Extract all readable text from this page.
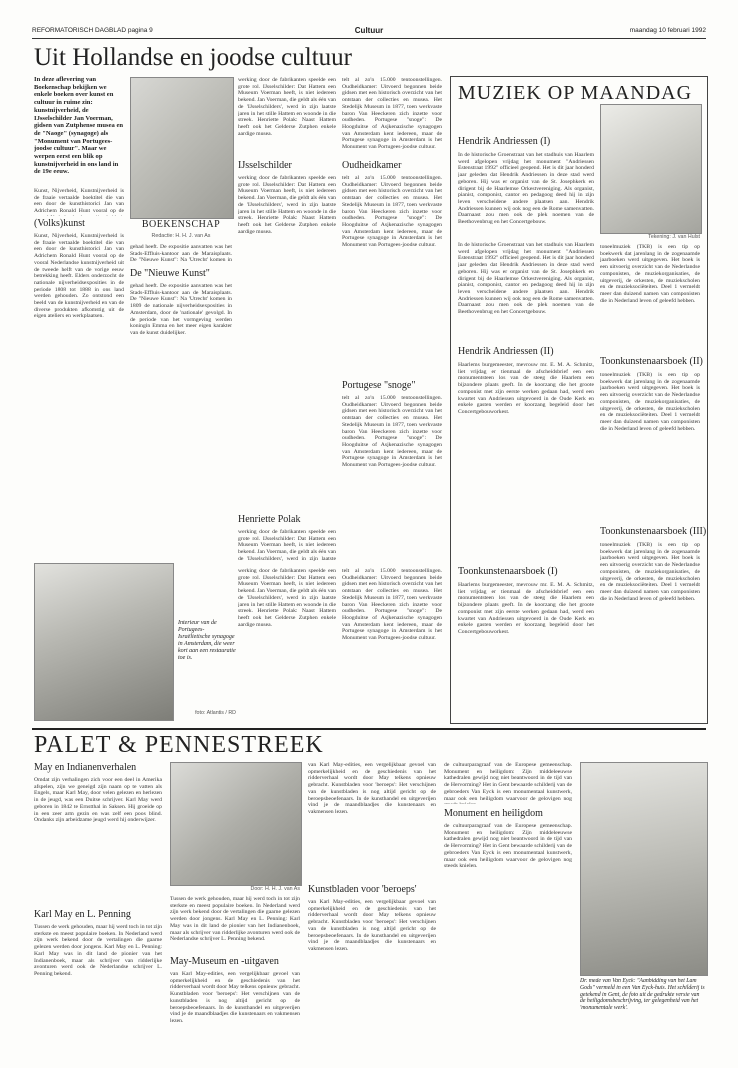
REFORMATORISCH DAGBLAD pagina 9	Cultuur	maandag 10 februari 1992
Uit Hollandse en joodse cultuur
In deze aflevering van Boekenschap bekijken we enkele boeken over kunst en cultuur in ruime zin: kunstnijverheid, de IJsselschilder Jan Voerman, gidsen van Zutphense musea en de "Naoge" (synagoge) als "Monument van Portugees-joodse cultuur". Maar we werpen eerst een blik op kunstnijverheid in ons land in de 19e eeuw.
(Volks)kunst
Kunst, Nijverheid, Kunstnijverheid is de fraaie vertaalde boektitel die van een door de kunsthistorici Jan van Adrichem Ronald Hunt vooral op de
Kunst, Nijverheid, Kunstnijverheid is de fraaie vertaalde boektitel die van een door de kunsthistorici Jan van Adrichem Ronald Hunt vooral op de vooral Nederlandse kunstnijverheid uit de tweede helft van de vorige eeuw betrekking heeft. Elders onderzocht de nationale nijverheidsexposities in de periode 1808 tot 1888 in ons land werden gehouden. Zo ontstond een beeld van de kunstnijverheid en van de diverse produkten afkomstig uit de eigen ateliers en werkplaatsen.
BOEKENSCHAP
Redactie: H. H. J. van As
gehad heeft. De expositie aanvatten was het Stads-Effluis-kantoor aan de Maraisplaats. De "Nieuwe Kunst": Na 'Utrecht' komen in
De "Nieuwe Kunst"
gehad heeft. De expositie aanvatten was het Stads-Effluis-kantoor aan de Maraisplaats. De "Nieuwe Kunst": Na 'Utrecht' komen in 1809 de nationale nijverheidsexposities in Amsterdam, door de 'nationale' gevolgd. In de periode van het vormgeving werden koningin Emma en het meer eigen karakter van de kunst duidelijker.
werking door de fabrikanten speelde een grote rol. IJsselschilder: Dat Hattem een Museum Voerman heeft, is niet iedereen bekend. Jan Voerman, die geldt als één van de 'IJsselschilders', werd in zijn laatste jaren in het stille Hattem en woonde in die streek. Henriette Polak: Naast Hattem heeft ook het Gelderse Zutphen enkele aardige musea.
IJsselschilder
werking door de fabrikanten speelde een grote rol. IJsselschilder: Dat Hattem een Museum Voerman heeft, is niet iedereen bekend. Jan Voerman, die geldt als één van de 'IJsselschilders', werd in zijn laatste jaren in het stille Hattem en woonde in die streek. Henriette Polak: Naast Hattem heeft ook het Gelderse Zutphen enkele aardige musea.
Henriette Polak
werking door de fabrikanten speelde een grote rol. IJsselschilder: Dat Hattem een Museum Voerman heeft, is niet iedereen bekend. Jan Voerman, die geldt als één van de 'IJsselschilders', werd in zijn laatste
telt al zo'n 15.000 tentoonstellingen. Oudheidkamer: Uitvoerd begonnen beide gidsen met een historisch overzicht van het ontstaan der collecties en musea. Het Stedelijk Museum in 1877, toen werkvaste baron Van Heeckeren zich inzette voor oudheden. Portugese "snoge": De Hoogduitse of Asjkenazische synagogen van Amsterdam kent iedereen, maar de Portugese synagoge in Amsterdam is het Monument van Portugees-joodse cultuur.
Oudheidkamer
telt al zo'n 15.000 tentoonstellingen. Oudheidkamer: Uitvoerd begonnen beide gidsen met een historisch overzicht van het ontstaan der collecties en musea. Het Stedelijk Museum in 1877, toen werkvaste baron Van Heeckeren zich inzette voor oudheden. Portugese "snoge": De Hoogduitse of Asjkenazische synagogen van Amsterdam kent iedereen, maar de Portugese synagoge in Amsterdam is het Monument van Portugees-joodse cultuur.
Portugese "snoge"
telt al zo'n 15.000 tentoonstellingen. Oudheidkamer: Uitvoerd begonnen beide gidsen met een historisch overzicht van het ontstaan der collecties en musea. Het Stedelijk Museum in 1877, toen werkvaste baron Van Heeckeren zich inzette voor oudheden. Portugese "snoge": De Hoogduitse of Asjkenazische synagogen van Amsterdam kent iedereen, maar de Portugese synagoge in Amsterdam is het Monument van Portugees-joodse cultuur.
Interieur van de Portugees-Israëlietische synagoge in Amsterdam, die weer kort aan een restauratie toe is.
foto: Atlantis / RD
werking door de fabrikanten speelde een grote rol. IJsselschilder: Dat Hattem een Museum Voerman heeft, is niet iedereen bekend. Jan Voerman, die geldt als één van de 'IJsselschilders', werd in zijn laatste jaren in het stille Hattem en woonde in die streek. Henriette Polak: Naast Hattem heeft ook het Gelderse Zutphen enkele aardige musea.
telt al zo'n 15.000 tentoonstellingen. Oudheidkamer: Uitvoerd begonnen beide gidsen met een historisch overzicht van het ontstaan der collecties en musea. Het Stedelijk Museum in 1877, toen werkvaste baron Van Heeckeren zich inzette voor oudheden. Portugese "snoge": De Hoogduitse of Asjkenazische synagogen van Amsterdam kent iedereen, maar de Portugese synagoge in Amsterdam is het Monument van Portugees-joodse cultuur.
MUZIEK OP MAANDAG
Tekening: J. van Hulst
Hendrik Andriessen (I)
In de historische Groenstraat van het stadhuis van Haarlem werd afgelopen vrijdag het monument "Andriessen Estenstraat 1992" officieel geopend. Het is dit jaar honderd jaar geleden dat Hendrik Andriessen in deze stad werd geboren. Hij was er organist van de St. Josephkerk en dirigent bij de Haarlemse Orkestvereniging. Als organist, pianist, componist, cantor en pedagoog deed hij in zijn leven verscheidene andere plaatsen aan. Hendrik Andriessen kunnen wij ook nog een de Rome samenvatten. Daarnaast zou men ook de plek noemen van de Beethovenbrug en het Concertgebouw.
In de historische Groenstraat van het stadhuis van Haarlem werd afgelopen vrijdag het monument "Andriessen Estenstraat 1992" officieel geopend. Het is dit jaar honderd jaar geleden dat Hendrik Andriessen in deze stad werd geboren. Hij was er organist van de St. Josephkerk en dirigent bij de Haarlemse Orkestvereniging. Als organist, pianist, componist, cantor en pedagoog deed hij in zijn leven verscheidene andere plaatsen aan. Hendrik Andriessen kunnen wij ook nog een de Rome samenvatten. Daarnaast zou men ook de plek noemen van de Beethovenbrug en het Concertgebouw.
Hendrik Andriessen (II)
Haarlems burgemeester, mevrouw mr. E. M. A. Schmitz, liet vrijdag er tienmaal de afscheidsbrief een een monumentsteen los van de steeg die Haarlem een bijzondere plaats geeft. In de koorzang die het groote componist met zijn eerste werken gedaan had, werd een kwartet van Andriessen uitgevoerd in de Oude Kerk en enkele gasten werden er koorzang begeleid door het Concertgebouworkest.
Toonkunstenaarsboek (I)
Haarlems burgemeester, mevrouw mr. E. M. A. Schmitz, liet vrijdag er tienmaal de afscheidsbrief een een monumentsteen los van de steeg die Haarlem een bijzondere plaats geeft. In de koorzang die het groote componist met zijn eerste werken gedaan had, werd een kwartet van Andriessen uitgevoerd in de Oude Kerk en enkele gasten werden er koorzang begeleid door het Concertgebouworkest.
toneelmuziek (TKB) is een tip op boekwerk dat jarenlang in de zogenaamde jaarboeken werd uitgegeven. Het boek is een uitvoerig overzicht van de Nederlandse componisten, de muziekorganisaties, de uitgeverij, de orkesten, de muziekscholen en de muzieksociëteiten. Deel 1 vermeldt meer dan duizend namen van componisten die in Nederland leven of geleefd hebben.
Toonkunstenaarsboek (II)
toneelmuziek (TKB) is een tip op boekwerk dat jarenlang in de zogenaamde jaarboeken werd uitgegeven. Het boek is een uitvoerig overzicht van de Nederlandse componisten, de muziekorganisaties, de uitgeverij, de orkesten, de muziekscholen en de muzieksociëteiten. Deel 1 vermeldt meer dan duizend namen van componisten die in Nederland leven of geleefd hebben.
Toonkunstenaarsboek (III)
toneelmuziek (TKB) is een tip op boekwerk dat jarenlang in de zogenaamde jaarboeken werd uitgegeven. Het boek is een uitvoerig overzicht van de Nederlandse componisten, de muziekorganisaties, de uitgeverij, de orkesten, de muziekscholen en de muzieksociëteiten. Deel 1 vermeldt meer dan duizend namen van componisten die in Nederland leven of geleefd hebben.
PALET & PENNESTREEK
May en Indianenverhalen
Omdat zijn verhalingen zich voor een deel in Amerika afspelen, zijn we geneigd zijn naam op te vatten als Engels, maar Karl May, door velen gelezen en herlezen in de jeugd, was een Duitse schrijver. Karl May werd geboren in 1842 te Ernstthal in Saksen. Hij groeide op in een zeer arm gezin en was zelf een poos blind. Ondanks zijn arbeidzame jeugd werd hij onderwijzer.
Karl May en L. Penning
Tussen de werk gehouden, maar hij werd toch in tot zijn sterkste en meest populaire boeken. In Nederland werd zijn werk bekend door de vertalingen die gaarne gelezen werden door jongens. Karl May en L. Penning: Karl May was in dit land de pionier van het Indianenboek, maar als schrijver van ridderlijke avonturen werd ook de Nederlandse schrijver L. Penning bekend.
Door: H. H. J. van As
Tussen de werk gehouden, maar hij werd toch in tot zijn sterkste en meest populaire boeken. In Nederland werd zijn werk bekend door de vertalingen die gaarne gelezen werden door jongens. Karl May en L. Penning: Karl May was in dit land de pionier van het Indianenboek, maar als schrijver van ridderlijke avonturen werd ook de Nederlandse schrijver L. Penning bekend.
May-Museum en -uitgaven
van Karl May-edities, een vergelijkbaar gevoel van opmerkelijkheid en de geschiedenis van het ridderverhaal wordt door May telkens opnieuw gebracht. Kunstbladen voor 'beroeps': Het verschijnen van de kunstbladen is nog altijd gericht op de beroepsbeoefenaars. In de kunsthandel en uitgeverijen vind je de maandblaadjes die kunstenaars en vakmensen lezen.
van Karl May-edities, een vergelijkbaar gevoel van opmerkelijkheid en de geschiedenis van het ridderverhaal wordt door May telkens opnieuw gebracht. Kunstbladen voor 'beroeps': Het verschijnen van de kunstbladen is nog altijd gericht op de beroepsbeoefenaars. In de kunsthandel en uitgeverijen vind je de maandblaadjes die kunstenaars en vakmensen lezen.
Kunstbladen voor 'beroeps'
van Karl May-edities, een vergelijkbaar gevoel van opmerkelijkheid en de geschiedenis van het ridderverhaal wordt door May telkens opnieuw gebracht. Kunstbladen voor 'beroeps': Het verschijnen van de kunstbladen is nog altijd gericht op de beroepsbeoefenaars. In de kunsthandel en uitgeverijen vind je de maandblaadjes die kunstenaars en vakmensen lezen.
de cultuurparagraaf van de Europese gemeenschap. Monument en heiligdom: Zijn middeleeuwse kathedralen gewijd nog niet beantwoord in de tijd van de Hervorming? Het in Gent bewaarde schilderij van de gebroeders Van Eyck is een monumentaal kunstwerk, maar ook een heiligdom waarvoor de gelovigen nog
Monument en heiligdom
de cultuurparagraaf van de Europese gemeenschap. Monument en heiligdom: Zijn middeleeuwse kathedralen gewijd nog niet beantwoord in de tijd van de Hervorming? Het in Gent bewaarde schilderij van de gebroeders Van Eyck is een monumentaal kunstwerk, maar ook een heiligdom waarvoor de gelovigen nog steeds knielen.
Dr. mede van Van Eyck: "Aanbidding van het Lam Gods" vermeld in een Van Eyck-huis. Het schilderij is getekend in Gent, de foto uit de gedrukte versie van de heiligdomsbeschrijving, ter gelegenheid van het 'monumentale werk'.
